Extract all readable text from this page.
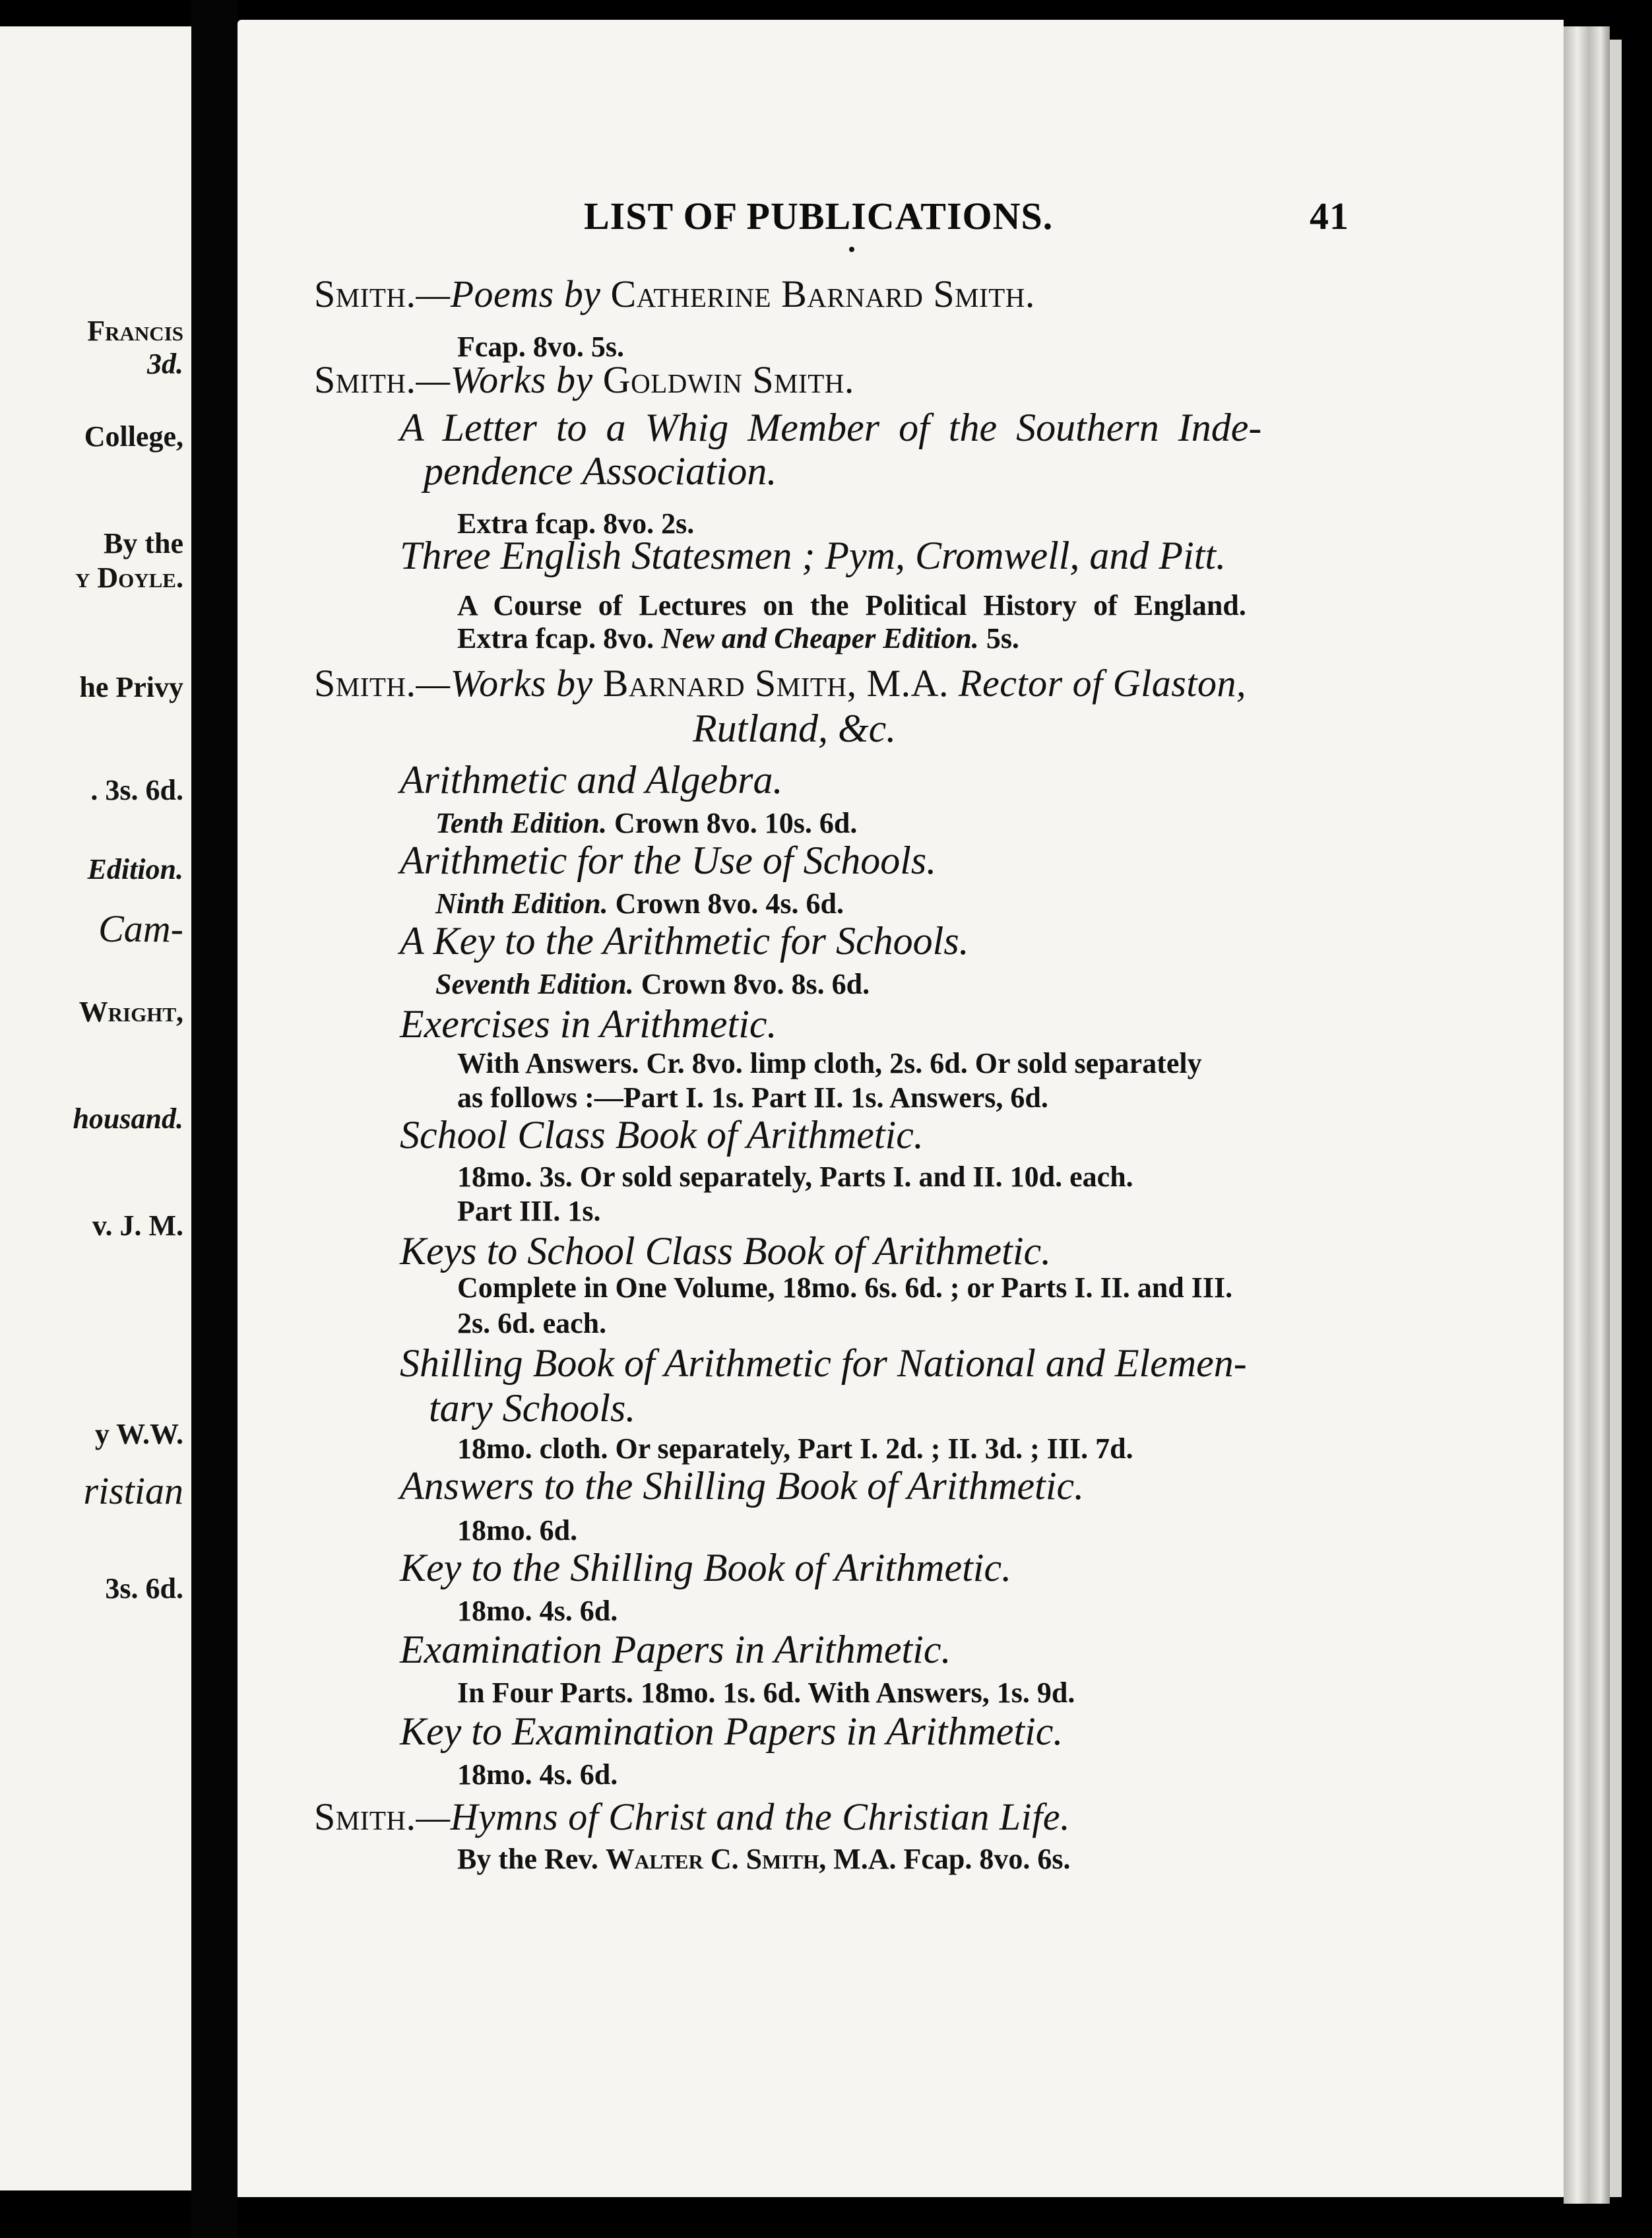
Francis
3d.
College,
By the
y Doyle.
he Privy
. 3s. 6d.
Edition.
Cam-
Wright,
housand.
v. J. M.
y W.W.
ristian
3s. 6d.
LIST OF PUBLICATIONS.	41
Smith.—Poems by Catherine Barnard Smith.
Fcap. 8vo. 5s.
Smith.—Works by Goldwin Smith.
A Letter to a Whig Member of the Southern Inde-
pendence Association.
Extra fcap. 8vo. 2s.
Three English Statesmen ; Pym, Cromwell, and Pitt.
A Course of Lectures on the Political History of England.
Extra fcap. 8vo. New and Cheaper Edition. 5s.
Smith.—Works by Barnard Smith, M.A. Rector of Glaston,
Rutland, &c.
Arithmetic and Algebra.
Tenth Edition. Crown 8vo. 10s. 6d.
Arithmetic for the Use of Schools.
Ninth Edition. Crown 8vo. 4s. 6d.
A Key to the Arithmetic for Schools.
Seventh Edition. Crown 8vo. 8s. 6d.
Exercises in Arithmetic.
With Answers. Cr. 8vo. limp cloth, 2s. 6d. Or sold separately
as follows :—Part I. 1s. Part II. 1s. Answers, 6d.
School Class Book of Arithmetic.
18mo. 3s. Or sold separately, Parts I. and II. 10d. each.
Part III. 1s.
Keys to School Class Book of Arithmetic.
Complete in One Volume, 18mo. 6s. 6d. ; or Parts I. II. and III.
2s. 6d. each.
Shilling Book of Arithmetic for National and Elemen-
tary Schools.
18mo. cloth. Or separately, Part I. 2d. ; II. 3d. ; III. 7d.
Answers to the Shilling Book of Arithmetic.
18mo. 6d.
Key to the Shilling Book of Arithmetic.
18mo. 4s. 6d.
Examination Papers in Arithmetic.
In Four Parts. 18mo. 1s. 6d. With Answers, 1s. 9d.
Key to Examination Papers in Arithmetic.
18mo. 4s. 6d.
Smith.—Hymns of Christ and the Christian Life.
By the Rev. Walter C. Smith, M.A. Fcap. 8vo. 6s.
